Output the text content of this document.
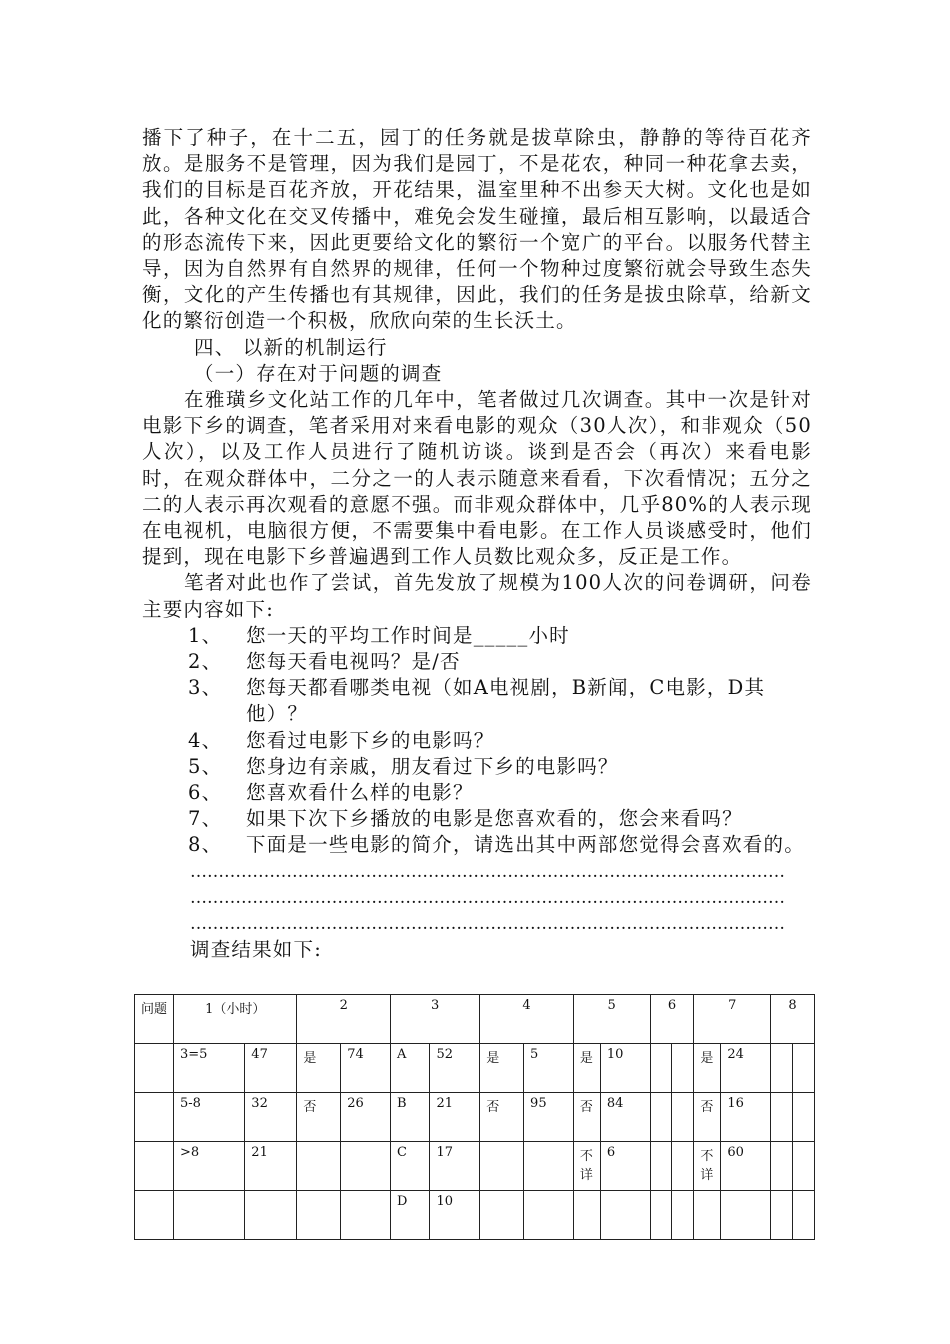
播下了种子，在十二五，园丁的任务就是拔草除虫，静静的等待百花齐放。是服务不是管理，因为我们是园丁，不是花农，种同一种花拿去卖，我们的目标是百花齐放，开花结果，温室里种不出参天大树。文化也是如此，各种文化在交叉传播中，难免会发生碰撞，最后相互影响，以最适合的形态流传下来，因此更要给文化的繁衍一个宽广的平台。以服务代替主导，因为自然界有自然界的规律，任何一个物种过度繁衍就会导致生态失衡，文化的产生传播也有其规律，因此，我们的任务是拔虫除草，给新文化的繁衍创造一个积极，欣欣向荣的生长沃土。

四、 以新的机制运行

（一）存在对于问题的调查

在雅璜乡文化站工作的几年中，笔者做过几次调查。其中一次是针对电影下乡的调查，笔者采用对来看电影的观众（30人次），和非观众（50人次），以及工作人员进行了随机访谈。谈到是否会（再次）来看电影时，在观众群体中，二分之一的人表示随意来看看，下次看情况；五分之二的人表示再次观看的意愿不强。而非观众群体中，几乎80%的人表示现在电视机，电脑很方便，不需要集中看电影。在工作人员谈感受时，他们提到，现在电影下乡普遍遇到工作人员数比观众多，反正是工作。

笔者对此也作了尝试，首先发放了规模为100人次的问卷调研，问卷主要内容如下:

1、	您一天的平均工作时间是_____小时
2、	您每天看电视吗？是/否
3、	您每天都看哪类电视（如A电视剧，B新闻，C电影，D其他）？
4、	您看过电影下乡的电影吗？
5、	您身边有亲戚，朋友看过下乡的电影吗？
6、	您喜欢看什么样的电影？
7、	如果下次下乡播放的电影是您喜欢看的，您会来看吗？
8、	下面是一些电影的简介，请选出其中两部您觉得会喜欢看的。

……………………………………………………………………………………………

……………………………………………………………………………………………

……………………………………………………………………………………………

调查结果如下:

问题	1（小时）		2		3		4		5		6		7		8	
	3=5	47	是	74	A	52	是	5	是	10			是	24		
	5-8	32	否	26	B	21	否	95	否	84			否	16		
	>8	21			C	17			不详	6			不详	60		
					D	10										
